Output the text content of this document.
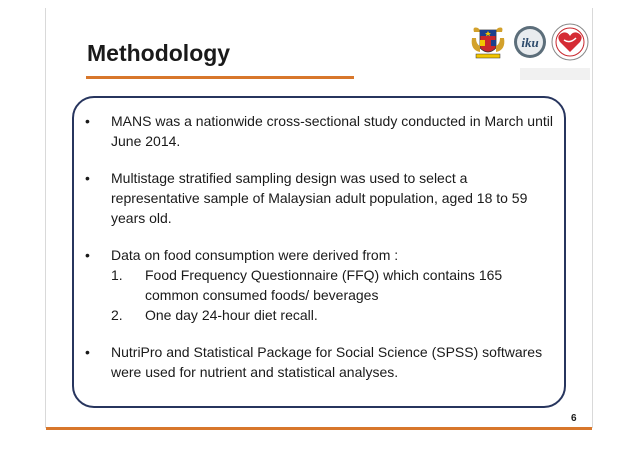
Methodology	iku
• MANS was a nationwide cross-sectional study conducted in March until June 2014.
• Multistage stratified sampling design was used to select a representative sample of Malaysian adult population, aged 18 to 59 years old.
• Data on food consumption were derived from :
1. Food Frequency Questionnaire (FFQ) which contains 165 common consumed foods/ beverages
2. One day 24-hour diet recall.
• NutriPro and Statistical Package for Social Science (SPSS) softwares were used for nutrient and statistical analyses.
6
